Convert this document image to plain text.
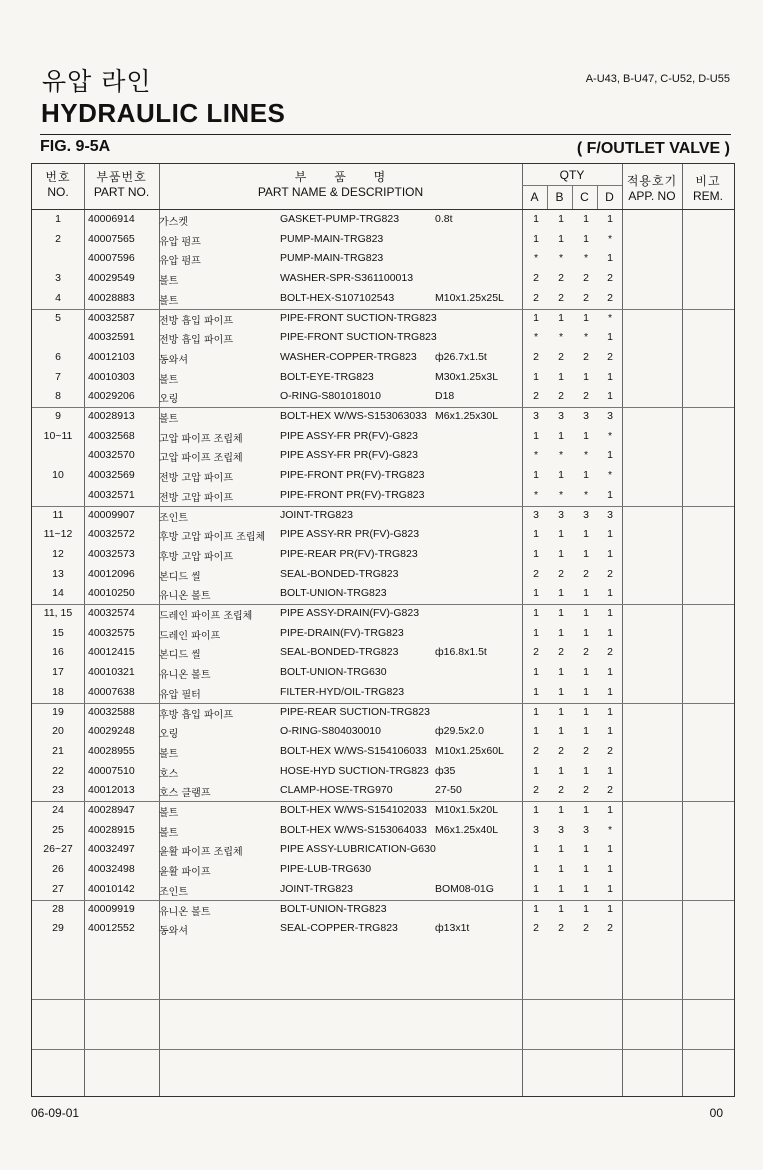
유압 라인
HYDRAULIC LINES
A-U43, B-U47, C-U52, D-U55
FIG. 9-5A	( F/OUTLET VALVE )
번호
NO.
부품번호
PART NO.
부 품 명
PART NAME & DESCRIPTION
QTY
A	B	C	D
적용호기
APP. NO
비고
REM.
1	40006914	가스켓	GASKET-PUMP-TRG823	0.8t	1	1	1	1
2	40007565	유압 펌프	PUMP-MAIN-TRG823	1	1	1	*
40007596	유압 펌프	PUMP-MAIN-TRG823	*	*	*	1
3	40029549	볼트	WASHER-SPR-S361100013	2	2	2	2
4	40028883	볼트	BOLT-HEX-S107102543	M10x1.25x25L	2	2	2	2
5	40032587	전방 흡입 파이프	PIPE-FRONT SUCTION-TRG823	1	1	1	*
40032591	전방 흡입 파이프	PIPE-FRONT SUCTION-TRG823	*	*	*	1
6	40012103	동와셔	WASHER-COPPER-TRG823 ф26.7x1.5t	2	2	2	2
7	40010303	볼트	BOLT-EYE-TRG823	M30x1.25x3L	1	1	1	1
8	40029206	오링	O-RING-S801018010	D18	2	2	2	1
9	40028913	볼트	BOLT-HEX W/WS-S153063033 M6x1.25x30L	3	3	3	3
10~11	40032568	고압 파이프 조립체	PIPE ASSY-FR PR(FV)-G823	1	1	1	*
40032570	고압 파이프 조립체	PIPE ASSY-FR PR(FV)-G823	*	*	*	1
10	40032569	전방 고압 파이프	PIPE-FRONT PR(FV)-TRG823	1	1	1	*
40032571	전방 고압 파이프	PIPE-FRONT PR(FV)-TRG823	*	*	*	1
11	40009907	조인트	JOINT-TRG823	3	3	3	3
11~12	40032572	후방 고압 파이프 조립체 PIPE ASSY-RR PR(FV)-G823	1	1	1	1
12	40032573	후방 고압 파이프	PIPE-REAR PR(FV)-TRG823	1	1	1	1
13	40012096	본디드 씰	SEAL-BONDED-TRG823	2	2	2	2
14	40010250	유니온 볼트	BOLT-UNION-TRG823	1	1	1	1
11, 15	40032574	드레인 파이프 조립체	PIPE ASSY-DRAIN(FV)-G823	1	1	1	1
15	40032575	드레인 파이프	PIPE-DRAIN(FV)-TRG823	1	1	1	1
16	40012415	본디드 씰	SEAL-BONDED-TRG823	ф16.8x1.5t	2	2	2	2
17	40010321	유니온 볼트	BOLT-UNION-TRG630	1	1	1	1
18	40007638	유압 필터	FILTER-HYD/OIL-TRG823	1	1	1	1
19	40032588	후방 흡입 파이프	PIPE-REAR SUCTION-TRG823	1	1	1	1
20	40029248	오링	O-RING-S804030010	ф29.5x2.0	1	1	1	1
21	40028955	볼트	BOLT-HEX W/WS-S154106033 M10x1.25x60L	2	2	2	2
22	40007510	호스	HOSE-HYD SUCTION-TRG823 ф35	1	1	1	1
23	40012013	호스 클램프	CLAMP-HOSE-TRG970	27-50	2	2	2	2
24	40028947	볼트	BOLT-HEX W/WS-S154102033 M10x1.5x20L	1	1	1	1
25	40028915	볼트	BOLT-HEX W/WS-S153064033 M6x1.25x40L	3	3	3	*
26~27	40032497	윤활 파이프 조립체	PIPE ASSY-LUBRICATION-G630	1	1	1	1
26	40032498	윤활 파이프	PIPE-LUB-TRG630	1	1	1	1
27	40010142	조인트	JOINT-TRG823	BOM08-01G	1	1	1	1
28	40009919	유니온 볼트	BOLT-UNION-TRG823	1	1	1	1
29	40012552	동와셔	SEAL-COPPER-TRG823	ф13x1t	2	2	2	2
06-09-01	00
